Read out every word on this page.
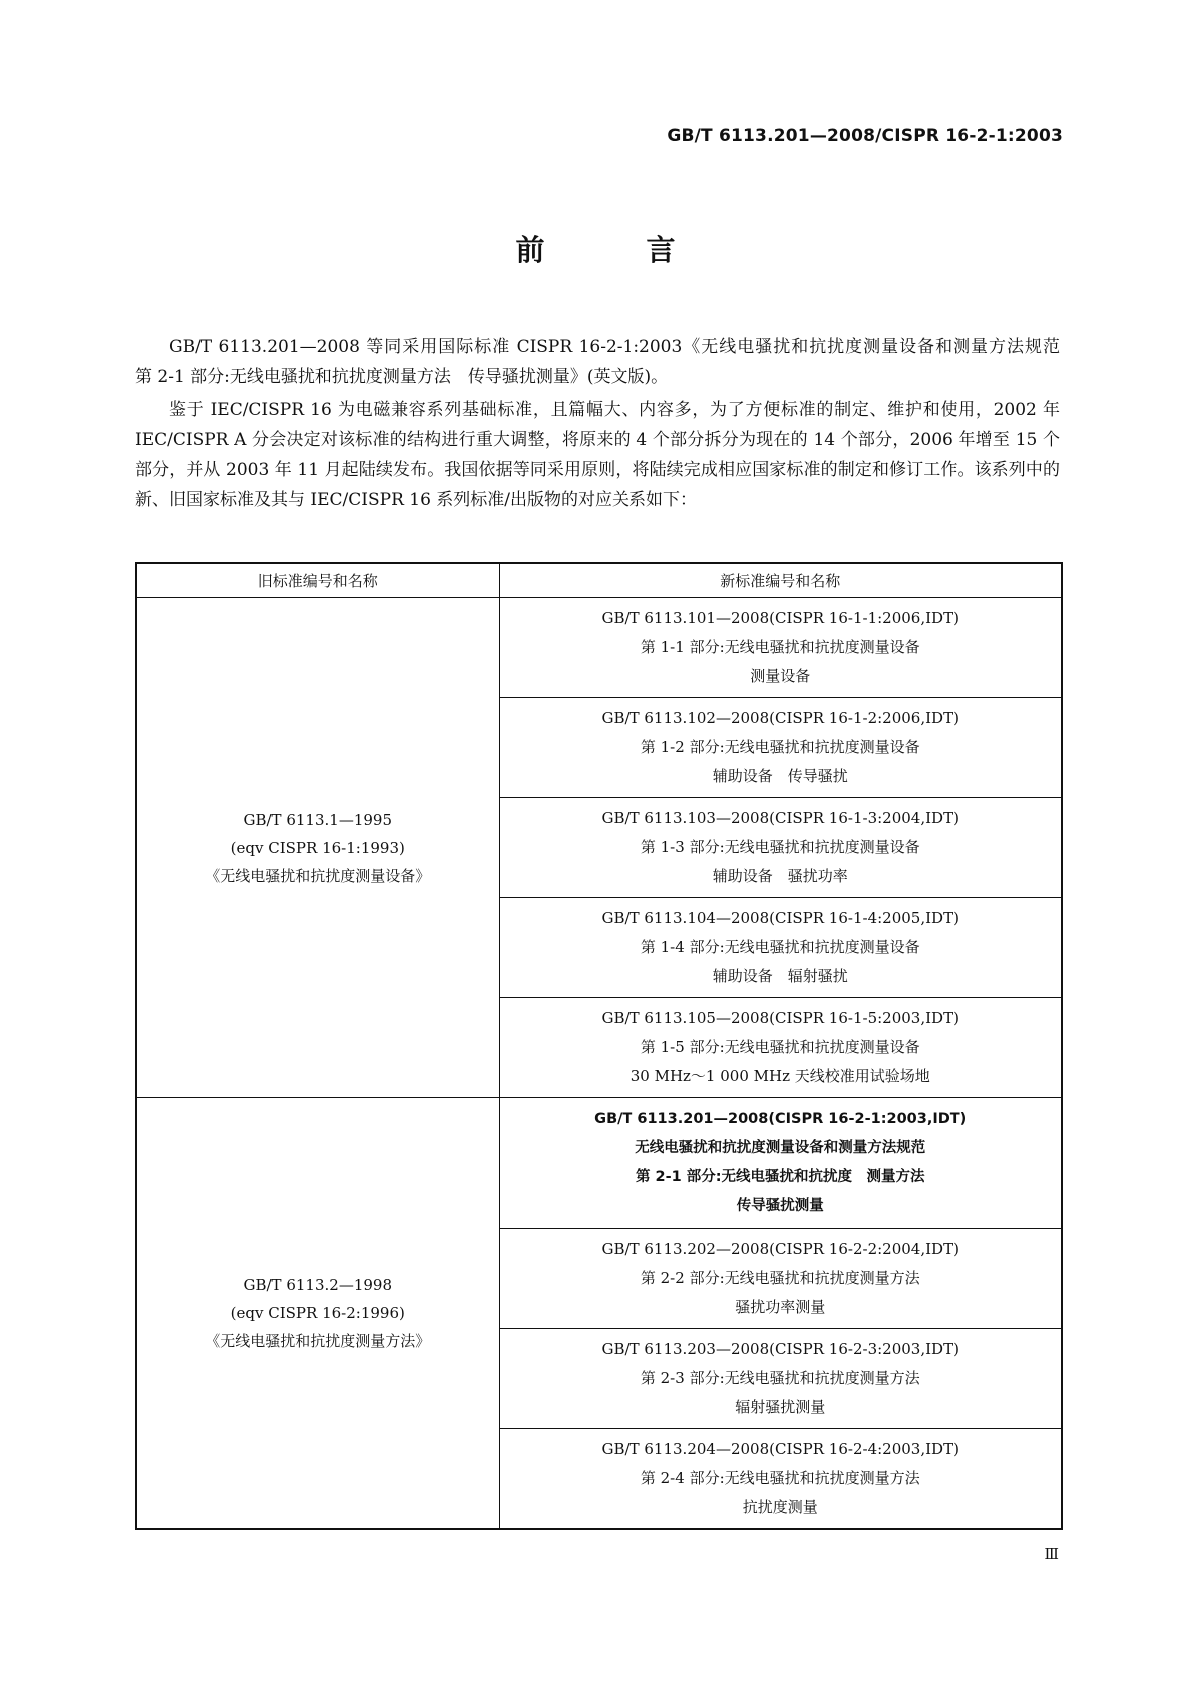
GB/T 6113.201—2008/CISPR 16-2-1:2003
前 言

GB/T 6113.201—2008 等同采用国际标准 CISPR 16-2-1:2003《无线电骚扰和抗扰度测量设备和测量方法规范　第 2-1 部分:无线电骚扰和抗扰度测量方法　传导骚扰测量》(英文版)。

鉴于 IEC/CISPR 16 为电磁兼容系列基础标准，且篇幅大、内容多，为了方便标准的制定、维护和使用，2002 年 IEC/CISPR A 分会决定对该标准的结构进行重大调整，将原来的 4 个部分拆分为现在的 14 个部分，2006 年增至 15 个部分，并从 2003 年 11 月起陆续发布。我国依据等同采用原则，将陆续完成相应国家标准的制定和修订工作。该系列中的新、旧国家标准及其与 IEC/CISPR 16 系列标准/出版物的对应关系如下：

旧标准编号和名称	新标准编号和名称

GB/T 6113.1—1995
(eqv CISPR 16-1:1993)
《无线电骚扰和抗扰度测量设备》	GB/T 6113.101—2008(CISPR 16-1-1:2006,IDT)
第 1-1 部分:无线电骚扰和抗扰度测量设备
测量设备

	GB/T 6113.102—2008(CISPR 16-1-2:2006,IDT)
第 1-2 部分:无线电骚扰和抗扰度测量设备
辅助设备　传导骚扰

	GB/T 6113.103—2008(CISPR 16-1-3:2004,IDT)
第 1-3 部分:无线电骚扰和抗扰度测量设备
辅助设备　骚扰功率

	GB/T 6113.104—2008(CISPR 16-1-4:2005,IDT)
第 1-4 部分:无线电骚扰和抗扰度测量设备
辅助设备　辐射骚扰

	GB/T 6113.105—2008(CISPR 16-1-5:2003,IDT)
第 1-5 部分:无线电骚扰和抗扰度测量设备
30 MHz～1 000 MHz 天线校准用试验场地

GB/T 6113.2—1998
(eqv CISPR 16-2:1996)
《无线电骚扰和抗扰度测量方法》	GB/T 6113.201—2008(CISPR 16-2-1:2003,IDT)
无线电骚扰和抗扰度测量设备和测量方法规范
第 2-1 部分:无线电骚扰和抗扰度　测量方法
传导骚扰测量

	GB/T 6113.202—2008(CISPR 16-2-2:2004,IDT)
第 2-2 部分:无线电骚扰和抗扰度测量方法
骚扰功率测量

	GB/T 6113.203—2008(CISPR 16-2-3:2003,IDT)
第 2-3 部分:无线电骚扰和抗扰度测量方法
辐射骚扰测量

	GB/T 6113.204—2008(CISPR 16-2-4:2003,IDT)
第 2-4 部分:无线电骚扰和抗扰度测量方法
抗扰度测量
Ⅲ
